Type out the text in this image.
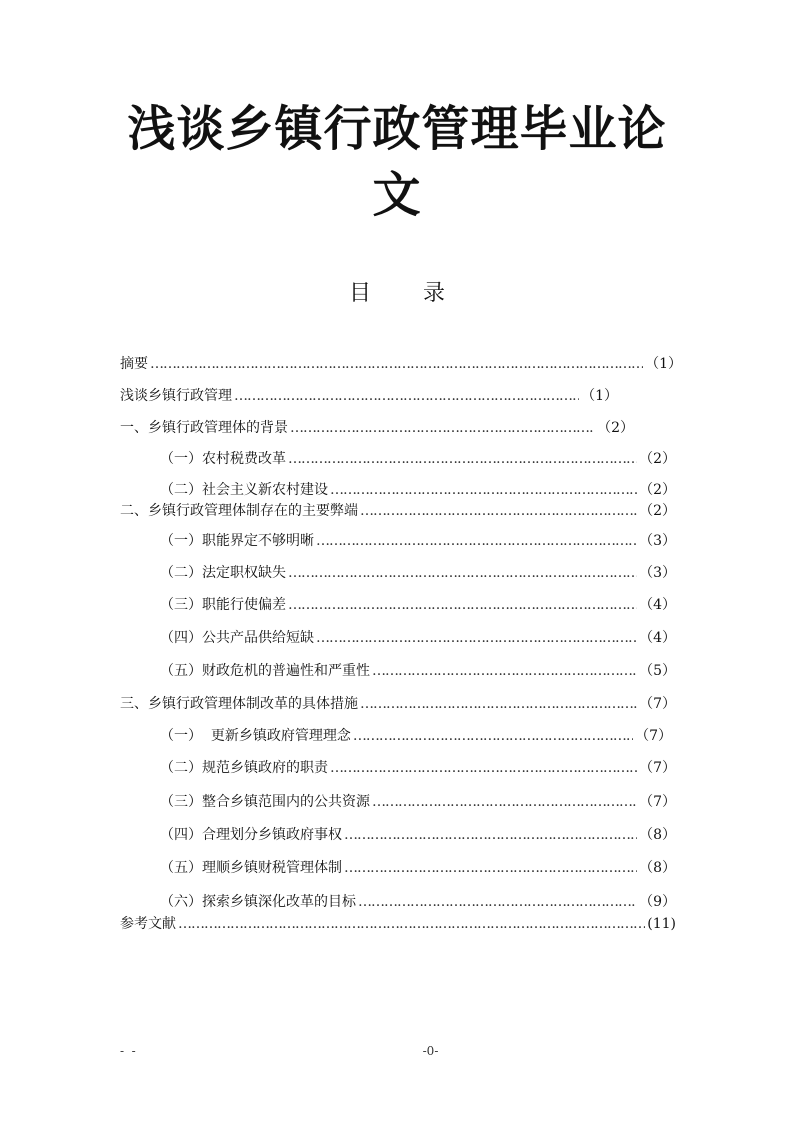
浅谈乡镇行政管理毕业论
文
目 录
摘要 ……………………………………………………………………………………………………………………………………………………………………………………………………	（1）
浅谈乡镇行政管理 ……………………………………………………………………………………………………………………………………………………………………………………………………	（1）
一、乡镇行政管理体的背景 ……………………………………………………………………………………………………………………………………………………………………………………………………	（2）
（一）农村税费改革 ……………………………………………………………………………………………………………………………………………………………………………………………………	（2）
（二）社会主义新农村建设 ……………………………………………………………………………………………………………………………………………………………………………………………………	（2）
二、乡镇行政管理体制存在的主要弊端 ……………………………………………………………………………………………………………………………………………………………………………………………………	（2）
（一）职能界定不够明晰 ……………………………………………………………………………………………………………………………………………………………………………………………………	（3）
（二）法定职权缺失 ……………………………………………………………………………………………………………………………………………………………………………………………………	（3）
（三）职能行使偏差 ……………………………………………………………………………………………………………………………………………………………………………………………………	（4）
（四）公共产品供给短缺 ……………………………………………………………………………………………………………………………………………………………………………………………………	（4）
（五）财政危机的普遍性和严重性 ……………………………………………………………………………………………………………………………………………………………………………………………………	（5）
三、乡镇行政管理体制改革的具体措施 ……………………………………………………………………………………………………………………………………………………………………………………………………	（7）
（一）  更新乡镇政府管理理念 ……………………………………………………………………………………………………………………………………………………………………………………………………	（7）
（二）规范乡镇政府的职责 ……………………………………………………………………………………………………………………………………………………………………………………………………	（7）
（三）整合乡镇范围内的公共资源 ……………………………………………………………………………………………………………………………………………………………………………………………………	（7）
（四）合理划分乡镇政府事权 ……………………………………………………………………………………………………………………………………………………………………………………………………	（8）
（五）理顺乡镇财税管理体制 ……………………………………………………………………………………………………………………………………………………………………………………………………	（8）
（六）探索乡镇深化改革的目标 ……………………………………………………………………………………………………………………………………………………………………………………………………	（9）
参考文献 ……………………………………………………………………………………………………………………………………………………………………………………………………	(11)
-  -	-0-
